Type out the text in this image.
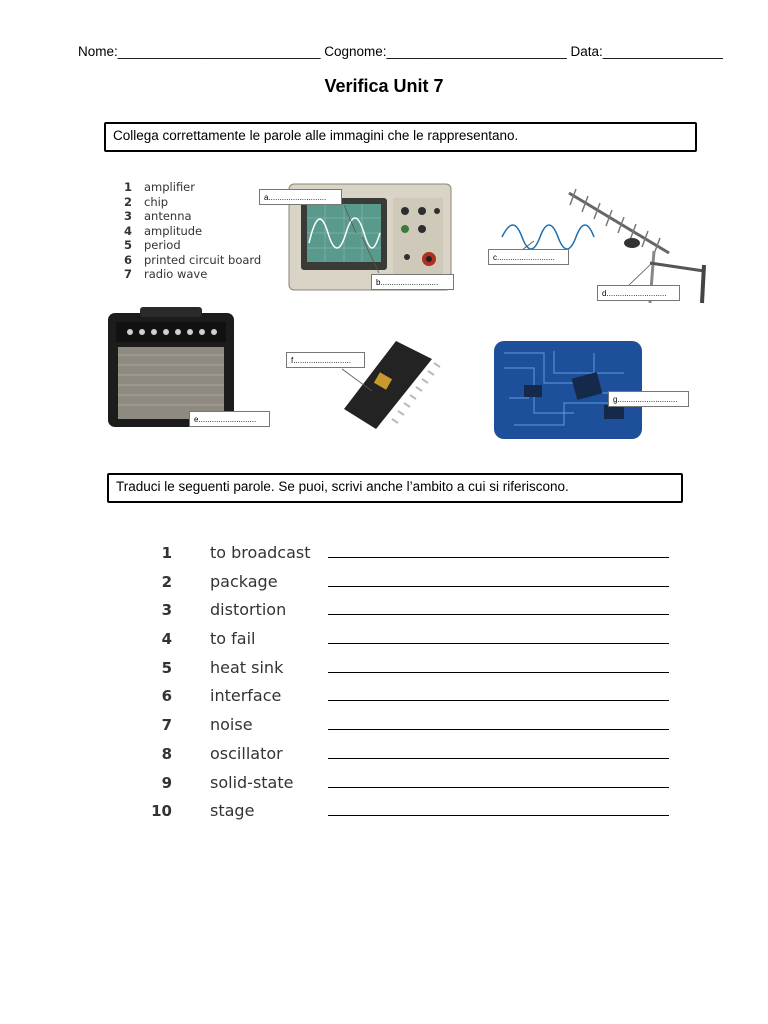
Nome:___________________________ Cognome:________________________ Data:________________
Verifica Unit 7
Collega correttamente le parole alle immagini che le rappresentano.
1 amplifier
2 chip
3 antenna
4 amplitude
5 period
6 printed circuit board
7 radio wave
a..........................
b..........................
c..........................
d...........................
e..........................
f..........................
g...........................
Traduci le seguenti parole. Se puoi, scrivi anche l’ambito a cui si riferiscono.
1 to broadcast
2 package
3 distortion
4 to fail
5 heat sink
6 interface
7 noise
8 oscillator
9 solid-state
10 stage
